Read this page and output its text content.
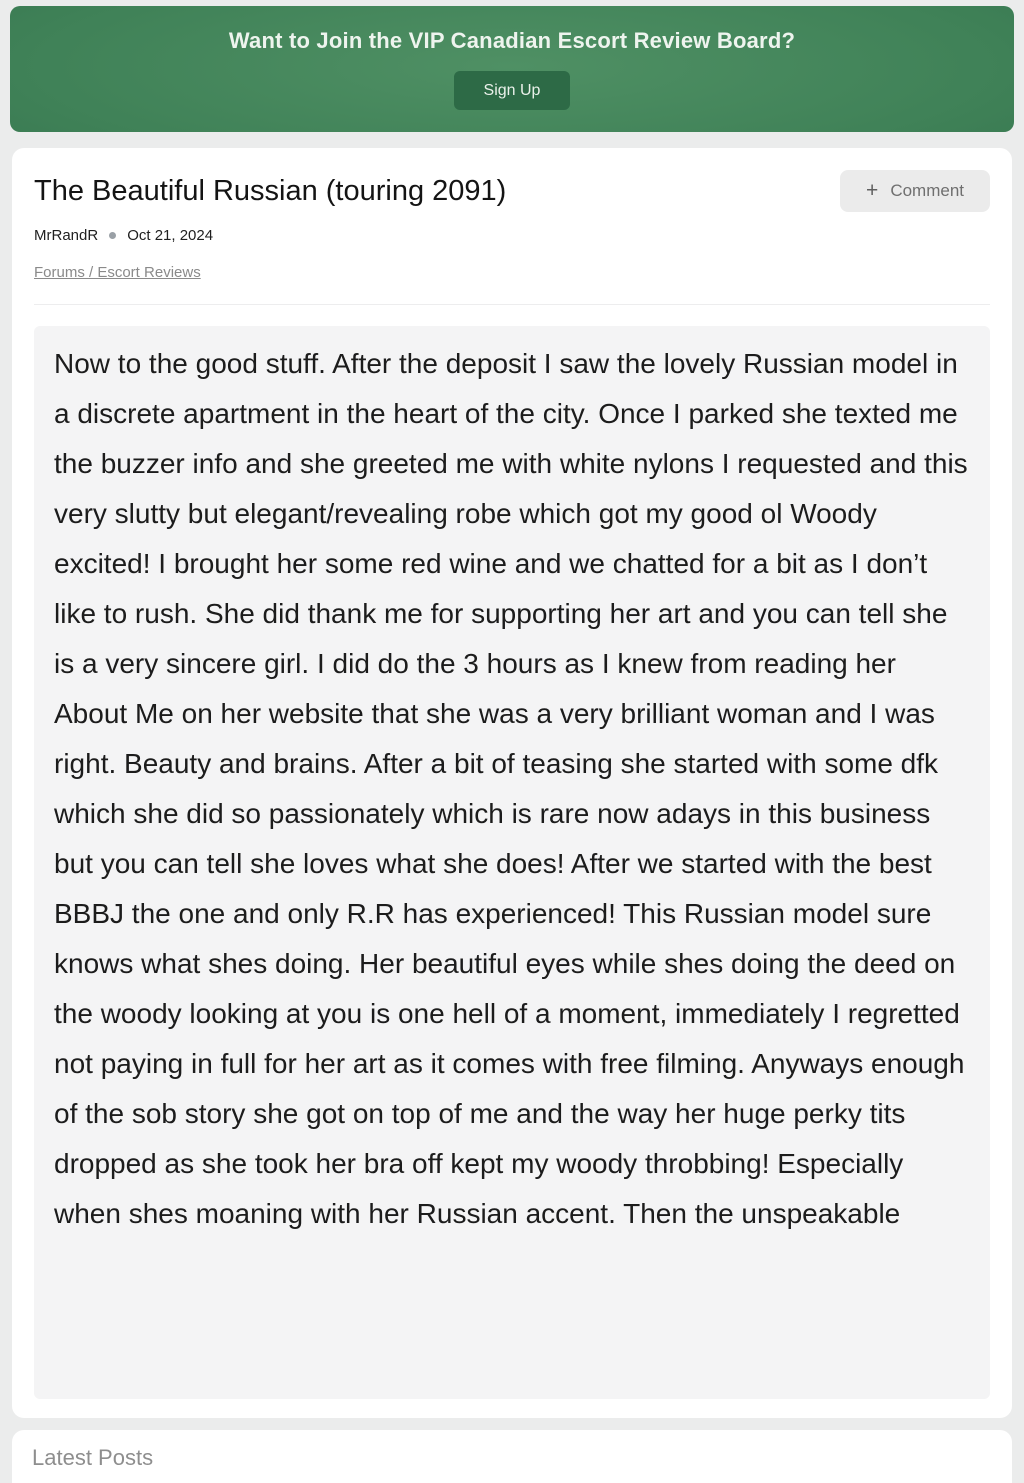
Want to Join the VIP Canadian Escort Review Board?
Sign Up
The Beautiful Russian (touring 2091)	+ Comment
MrRandR Oct 21, 2024
Forums / Escort Reviews

Now to the good stuff. After the deposit I saw the lovely Russian model in a discrete apartment in the heart of the city. Once I parked she texted me the buzzer info and she greeted me with white nylons I requested and this very slutty but elegant/revealing robe which got my good ol Woody excited! I brought her some red wine and we chatted for a bit as I don’t like to rush. She did thank me for supporting her art and you can tell she is a very sincere girl. I did do the 3 hours as I knew from reading her About Me on her website that she was a very brilliant woman and I was right. Beauty and brains. After a bit of teasing she started with some dfk which she did so passionately which is rare now adays in this business but you can tell she loves what she does! After we started with the best BBBJ the one and only R.R has experienced! This Russian model sure knows what shes doing. Her beautiful eyes while shes doing the deed on the woody looking at you is one hell of a moment, immediately I regretted not paying in full for her art as it comes with free filming. Anyways enough of the sob story she got on top of me and the way her huge perky tits dropped as she took her bra off kept my woody throbbing! Especially when shes moaning with her Russian accent. Then the unspeakable

Latest Posts
